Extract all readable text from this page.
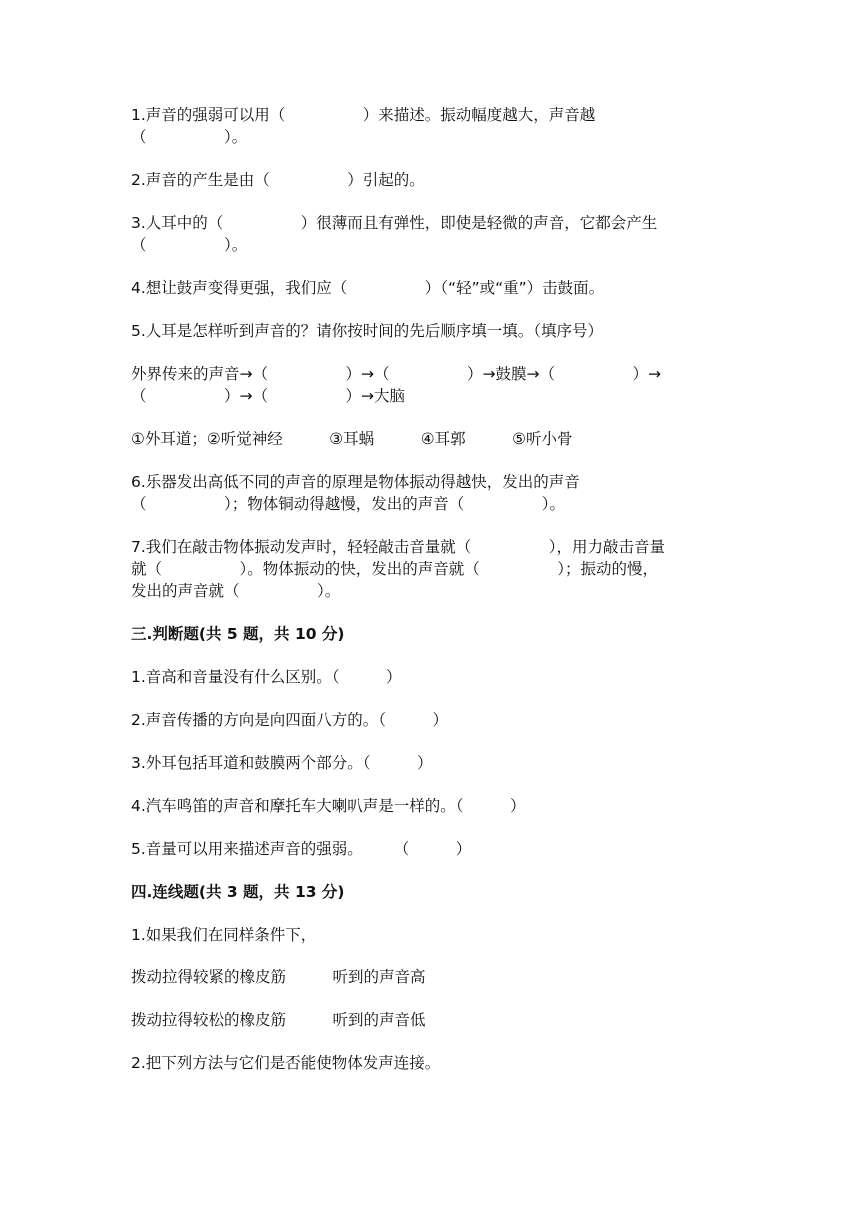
1.声音的强弱可以用（　　　　　）来描述。振动幅度越大，声音越
（　　　　　）。
2.声音的产生是由（　　　　　）引起的。
3.人耳中的（　　　　　）很薄而且有弹性，即使是轻微的声音，它都会产生
（　　　　　）。
4.想让鼓声变得更强，我们应（　　　　　）（“轻”或“重”）击鼓面。
5.人耳是怎样听到声音的？请你按时间的先后顺序填一填。（填序号）
外界传来的声音→（　　　　　）→（　　　　　）→鼓膜→（　　　　　）→
（　　　　　）→（　　　　　）→大脑
①外耳道；②听觉神经　　　③耳蜗　　　④耳郭　　　⑤听小骨
6.乐器发出高低不同的声音的原理是物体振动得越快，发出的声音
（　　　　　）；物体铜动得越慢，发出的声音（　　　　　）。
7.我们在敲击物体振动发声时，轻轻敲击音量就（　　　　　），用力敲击音量
就（　　　　　）。物体振动的快，发出的声音就（　　　　　）；振动的慢，
发出的声音就（　　　　　）。
三.判断题(共 5 题，共 10 分)
1.音高和音量没有什么区别。（　　　）
2.声音传播的方向是向四面八方的。（　　　）
3.外耳包括耳道和鼓膜两个部分。（　　　）
4.汽车鸣笛的声音和摩托车大喇叭声是一样的。（　　　）
5.音量可以用来描述声音的强弱。　　　（　　　）
四.连线题(共 3 题，共 13 分)
1.如果我们在同样条件下，
拨动拉得较紧的橡皮筋　　　听到的声音高
拨动拉得较松的橡皮筋　　　听到的声音低
2.把下列方法与它们是否能使物体发声连接。
